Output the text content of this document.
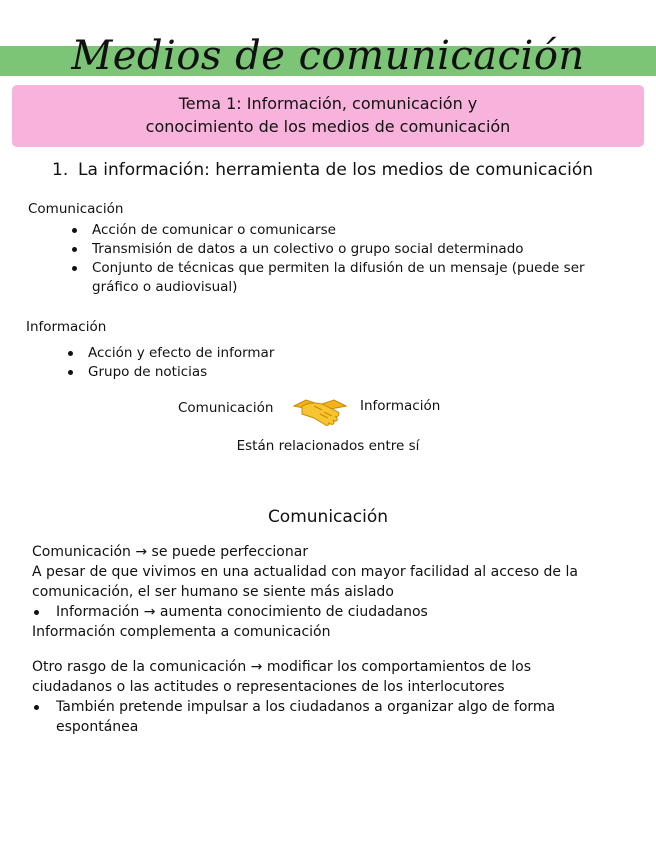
Medios de comunicación
Tema 1: Información, comunicación y
conocimiento de los medios de comunicación
1. La información: herramienta de los medios de comunicación
Comunicación
Acción de comunicar o comunicarse
Transmisión de datos a un colectivo o grupo social determinado
Conjunto de técnicas que permiten la difusión de un mensaje (puede ser
gráfico o audiovisual)
Información
Acción y efecto de informar
Grupo de noticias
Comunicación	Información
Están relacionados entre sí
Comunicación

Comunicación → se puede perfeccionar

A pesar de que vivimos en una actualidad con mayor facilidad al acceso de la

comunicación, el ser humano se siente más aislado

Información → aumenta conocimiento de ciudadanos

Información complementa a comunicación

Otro rasgo de la comunicación → modificar los comportamientos de los

ciudadanos o las actitudes o representaciones de los interlocutores

También pretende impulsar a los ciudadanos a organizar algo de forma
espontánea
